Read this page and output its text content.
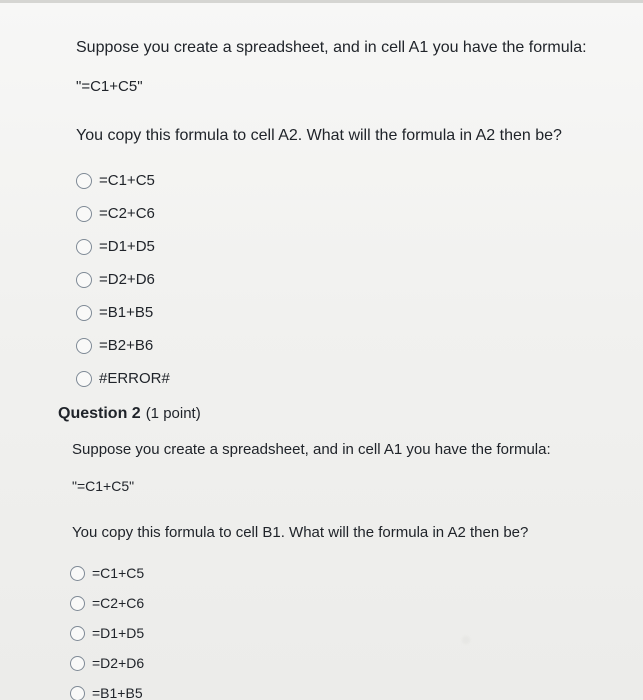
Suppose you create a spreadsheet, and in cell A1 you have the formula:

"=C1+C5"

You copy this formula to cell A2. What will the formula in A2 then be?

=C1+C5
=C2+C6
=D1+D5
=D2+D6
=B1+B5
=B2+B6
#ERROR#
Question 2 (1 point)

Suppose you create a spreadsheet, and in cell A1 you have the formula:

"=C1+C5"

You copy this formula to cell B1. What will the formula in A2 then be?

=C1+C5
=C2+C6
=D1+D5
=D2+D6
=B1+B5
